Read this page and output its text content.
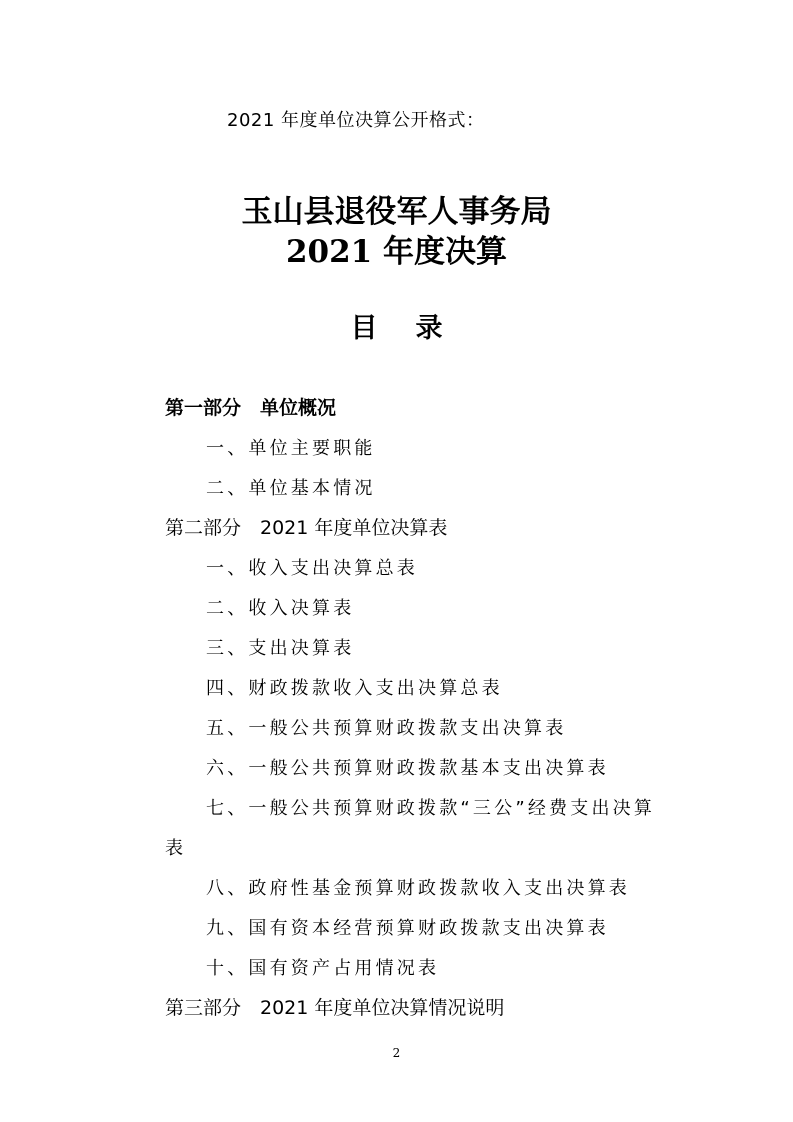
2021 年度单位决算公开格式：
玉山县退役军人事务局
2021 年度决算
目录
第一部分　单位概况
一、单位主要职能
二、单位基本情况
第二部分　2021 年度单位决算表
一、收入支出决算总表
二、收入决算表
三、支出决算表
四、财政拨款收入支出决算总表
五、一般公共预算财政拨款支出决算表
六、一般公共预算财政拨款基本支出决算表
七、一般公共预算财政拨款“三公”经费支出决算
表
八、政府性基金预算财政拨款收入支出决算表
九、国有资本经营预算财政拨款支出决算表
十、国有资产占用情况表
第三部分　2021 年度单位决算情况说明
2
